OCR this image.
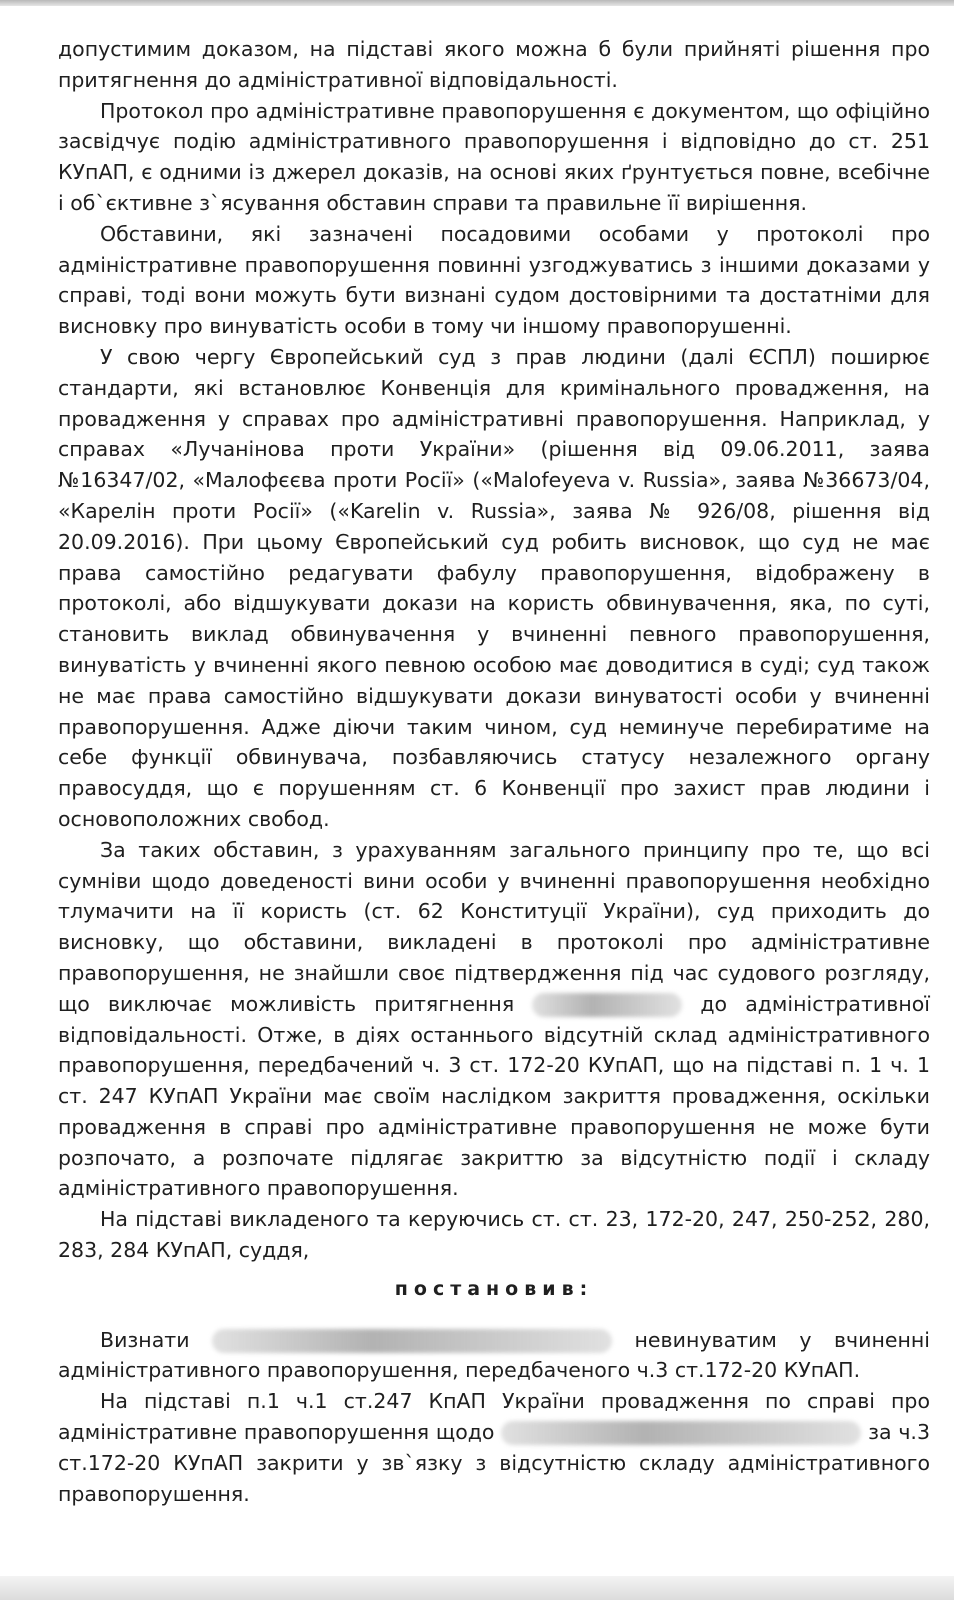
допустимим доказом, на підставі якого можна б були прийняті рішення про притягнення до адміністративної відповідальності.

Протокол про адміністративне правопорушення є документом, що офіційно засвідчує подію адміністративного правопорушення і відповідно до ст. 251 КУпАП, є одними із джерел доказів, на основі яких ґрунтується повне, всебічне і об`єктивне з`ясування обставин справи та правильне її вирішення.

Обставини, які зазначені посадовими особами у протоколі про адміністративне правопорушення повинні узгоджуватись з іншими доказами у справі, тоді вони можуть бути визнані судом достовірними та достатніми для висновку про винуватість особи в тому чи іншому правопорушенні.

У свою чергу Європейський суд з прав людини (далі ЄСПЛ) поширює стандарти, які встановлює Конвенція для кримінального провадження, на провадження у справах про адміністративні правопорушення. Наприклад, у справах «Лучанінова проти України» (рішення від 09.06.2011, заява №16347/02, «Малофєєва проти Росії» («Malofeyeva v. Russia», заява №36673/04, «Карелін проти Росії» («Karelin v. Russia», заява № 926/08, рішення від 20.09.2016). При цьому Європейський суд робить висновок, що суд не має права самостійно редагувати фабулу правопорушення, відображену в протоколі, або відшукувати докази на користь обвинувачення, яка, по суті, становить виклад обвинувачення у вчиненні певного правопорушення, винуватість у вчиненні якого певною особою має доводитися в суді; суд також не має права самостійно відшукувати докази винуватості особи у вчиненні правопорушення. Адже діючи таким чином, суд неминуче перебиратиме на себе функції обвинувача, позбавляючись статусу незалежного органу правосуддя, що є порушенням ст. 6 Конвенції про захист прав людини і основоположних свобод.

За таких обставин, з урахуванням загального принципу про те, що всі сумніви щодо доведеності вини особи у вчиненні правопорушення необхідно тлумачити на її користь (ст. 62 Конституції України), суд приходить до висновку, що обставини, викладені в протоколі про адміністративне правопорушення, не знайшли своє підтвердження під час судового розгляду, що виключає можливість притягнення	до адміністративної відповідальності. Отже, в діях останнього відсутній склад адміністративного правопорушення, передбачений ч. 3 ст. 172-20 КУпАП, що на підставі п. 1 ч. 1 ст. 247 КУпАП України має своїм наслідком закриття провадження, оскільки провадження в справі про адміністративне правопорушення не може бути розпочато, а розпочате підлягає закриттю за відсутністю події і складу адміністративного правопорушення.

На підставі викладеного та керуючись ст. ст. 23, 172-20, 247, 250-252, 280, 283, 284 КУпАП, суддя,

постановив:

Визнати	невинуватим у вчиненні адміністративного правопорушення, передбаченого ч.3 ст.172-20 КУпАП.

На підставі п.1 ч.1 ст.247 КпАП України провадження по справі про адміністративне правопорушення щодо	за ч.3 ст.172-20 КУпАП закрити у зв`язку з відсутністю складу адміністративного правопорушення.
